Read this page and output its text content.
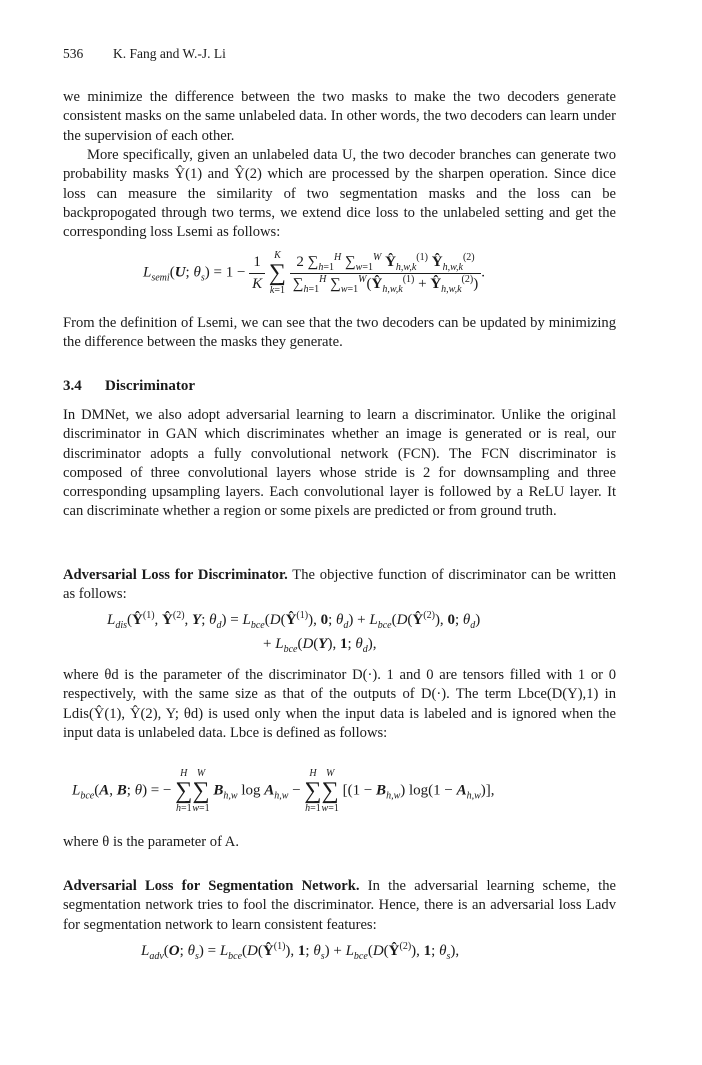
536 K. Fang and W.-J. Li

we minimize the difference between the two masks to make the two decoders generate consistent masks on the same unlabeled data. In other words, the two decoders can learn under the supervision of each other.

More specifically, given an unlabeled data U, the two decoder branches can generate two probability masks Ŷ(1) and Ŷ(2) which are processed by the sharpen operation. Since dice loss can measure the similarity of two segmentation masks and the loss can be backpropogated through two terms, we extend dice loss to the unlabeled setting and get the corresponding loss Lsemi as follows:

$L_{semi}(U$; $\theta_s) = 1 - \frac{1}{K}$ K
∑
$k=1 \frac{2 \sum_{h=1}^H \sum_{w=1}^W Ŷ_{h,w,k}^{(1)} Ŷ_{h,w,k}^{(2)}}{\sum_{h=1}^H \sum_{w=1}^W(Ŷ_{h,w,k}^{(1)} + Ŷ_{h,w,k}^{(2)})}$ .

From the definition of Lsemi, we can see that the two decoders can be updated by minimizing the difference between the masks they generate.

3.4 Discriminator

In DMNet, we also adopt adversarial learning to learn a discriminator. Unlike the original discriminator in GAN which discriminates whether an image is generated or is real, our discriminator adopts a fully convolutional network (FCN). The FCN discriminator is composed of three convolutional layers whose stride is 2 for downsampling and three corresponding upsampling layers. Each convolutional layer is followed by a ReLU layer. It can discriminate whether a region or some pixels are predicted or from ground truth.

Adversarial Loss for Discriminator. The objective function of discriminator can be written as follows:

$L_{dis}(Ŷ^{(1)}$, $Ŷ^{(2)}$, Y; $\theta_d$) = $L_{bce}(D(Ŷ^{(1)})$, 0; $\theta_d$) + $L_{bce}(D(Ŷ^{(2)})$, 0; $\theta_d$)
+ $L_{bce}(D(Y)$, 1; $\theta_d$),

where θd is the parameter of the discriminator D(·). 1 and 0 are tensors filled with 1 or 0 respectively, with the same size as that of the outputs of D(·). The term Lbce(D(Y),1) in Ldis(Ŷ(1), Ŷ(2), Y; θd) is used only when the input data is labeled and is ignored when the input data is unlabeled data. Lbce is defined as follows:

$L_{bce}(A$, B; θ) = − H
∑
h=1W
∑
w=1 $B_{h,w}$ $\log A_{h,w} - H$
∑
h=1W
∑
w=1 [$(1 - B_{h,w})$ $\log(1 - A_{h,w})$],

where θ is the parameter of A.

Adversarial Loss for Segmentation Network. In the adversarial learning scheme, the segmentation network tries to fool the discriminator. Hence, there is an adversarial loss Ladv for segmentation network to learn consistent features:

$L_{adv}(O$; $\theta_s$) = $L_{bce}(D(Ŷ^{(1)})$, 1; $\theta_s$) + $L_{bce}(D(Ŷ^{(2)})$, 1; $\theta_s$),
